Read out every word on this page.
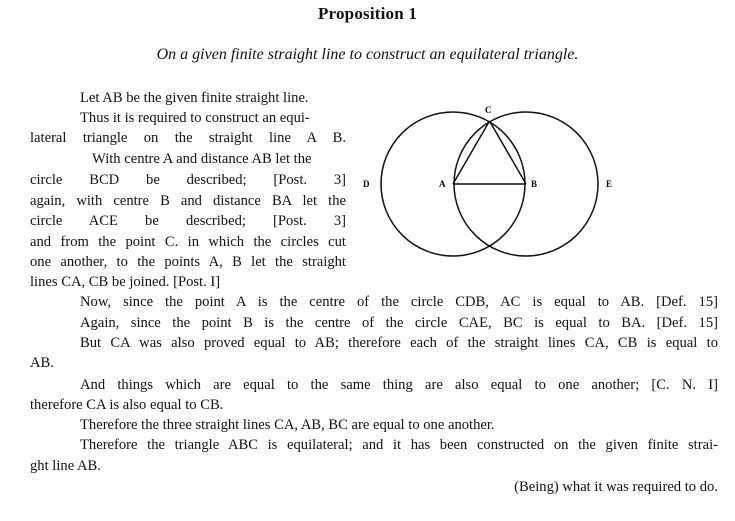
Proposition 1
On a given finite straight line to construct an equilateral triangle.
Let AB be the given finite straight line.
Thus it is required to construct an equi-
lateral triangle on the straight line A B.
With centre A and distance AB let the
circle BCD be described; [Post. 3]
again, with centre B and distance BA let the
circle ACE be described; [Post. 3]
and from the point C. in which the circles cut
one another, to the points A, B let the straight
lines CA, CB be joined. [Post. I]
Now, since the point A is the centre of the circle CDB, AC is equal to AB. [Def. 15]
Again, since the point B is the centre of the circle CAE, BC is equal to BA. [Def. 15]
But CA was also proved equal to AB; therefore each of the straight lines CA, CB is equal to
AB.
And things which are equal to the same thing are also equal to one another; [C. N. I]
therefore CA is also equal to CB.
Therefore the three straight lines CA, AB, BC are equal to one another.
Therefore the triangle ABC is equilateral; and it has been constructed on the given finite strai-
ght line AB.
(Being) what it was required to do.
C
D	A	B	E
